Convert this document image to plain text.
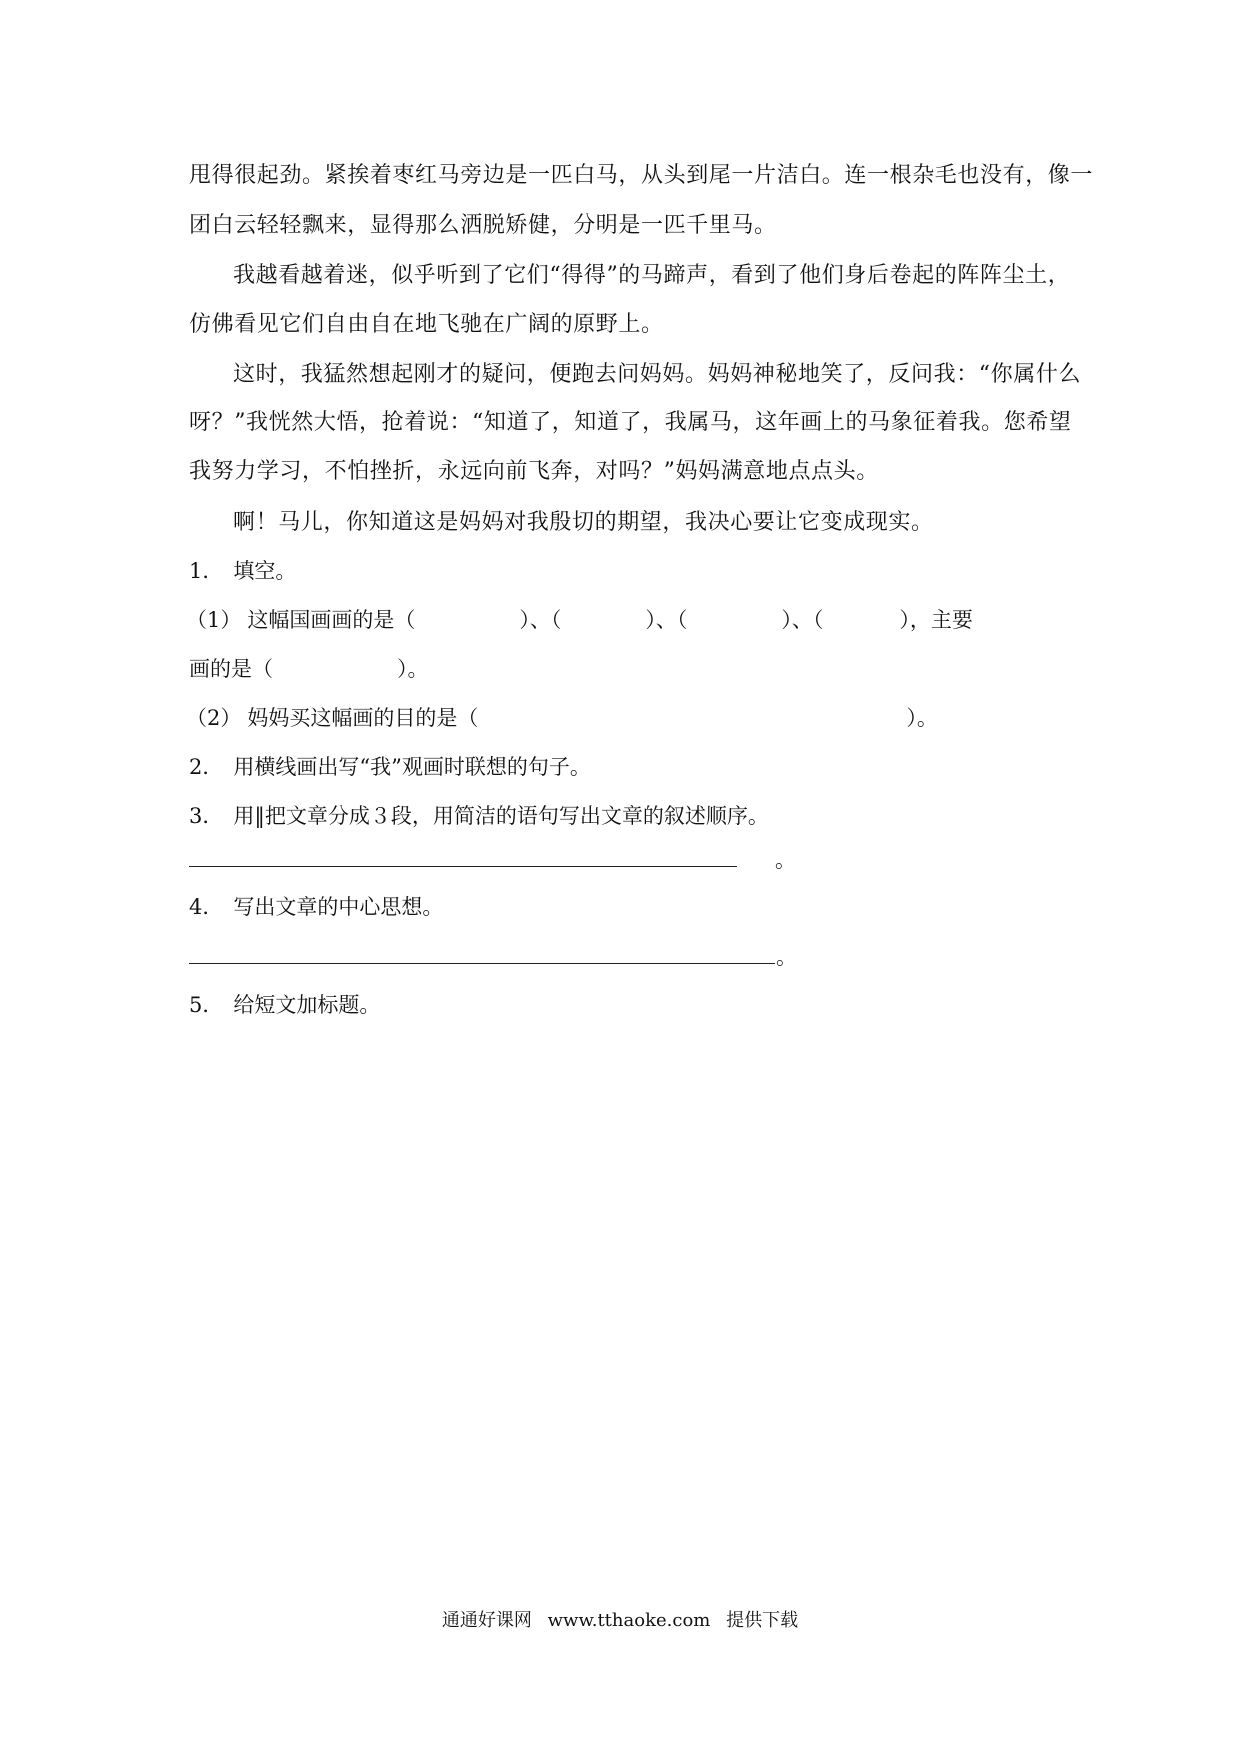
甩得很起劲。紧挨着枣红马旁边是一匹白马，从头到尾一片洁白。连一根杂毛也没有，像一
团白云轻轻飘来，显得那么洒脱矫健，分明是一匹千里马。
我越看越着迷，似乎听到了它们“得得”的马蹄声，看到了他们身后卷起的阵阵尘土，
仿佛看见它们自由自在地飞驰在广阔的原野上。
这时，我猛然想起刚才的疑问，便跑去问妈妈。妈妈神秘地笑了，反问我：“你属什么
呀？”我恍然大悟，抢着说：“知道了，知道了，我属马，这年画上的马象征着我。您希望
我努力学习，不怕挫折，永远向前飞奔，对吗？”妈妈满意地点点头。
啊！马儿，你知道这是妈妈对我殷切的期望，我决心要让它变成现实。
1． 填空。
（1） 这幅国画画的是（	）、（	）、（	）、（	），主要
画的是（	）。
（2） 妈妈买这幅画的目的是（	）。
2． 用横线画出写“我”观画时联想的句子。
3． 用‖把文章分成３段，用简洁的语句写出文章的叙述顺序。
。
4． 写出文章的中心思想。
。
5． 给短文加标题。
通通好课网 www.tthaoke.com 提供下载
